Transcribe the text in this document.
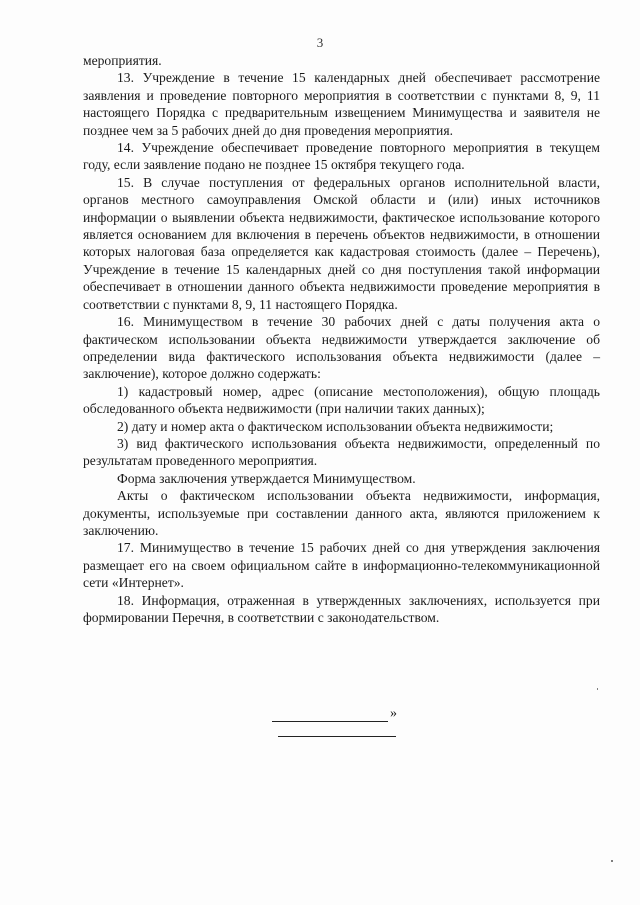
3

мероприятия.

13. Учреждение в течение 15 календарных дней обеспечивает рассмотрение заявления и проведение повторного мероприятия в соответствии с пунктами 8, 9, 11 настоящего Порядка с предварительным извещением Минимущества и заявителя не позднее чем за 5 рабочих дней до дня проведения мероприятия.

14. Учреждение обеспечивает проведение повторного мероприятия в текущем году, если заявление подано не позднее 15 октября текущего года.

15. В случае поступления от федеральных органов исполнительной власти, органов местного самоуправления Омской области и (или) иных источников информации о выявлении объекта недвижимости, фактическое использование которого является основанием для включения в перечень объектов недвижимости, в отношении которых налоговая база определяется как кадастровая стоимость (далее – Перечень), Учреждение в течение 15 календарных дней со дня поступления такой информации обеспечивает в отношении данного объекта недвижимости проведение мероприятия в соответствии с пунктами 8, 9, 11 настоящего Порядка.

16. Минимуществом в течение 30 рабочих дней с даты получения акта о фактическом использовании объекта недвижимости утверждается заключение об определении вида фактического использования объекта недвижимости (далее – заключение), которое должно содержать:

1) кадастровый номер, адрес (описание местоположения), общую площадь обследованного объекта недвижимости (при наличии таких данных);

2) дату и номер акта о фактическом использовании объекта недвижимости;

3) вид фактического использования объекта недвижимости, определенный по результатам проведенного мероприятия.

Форма заключения утверждается Минимуществом.

Акты о фактическом использовании объекта недвижимости, информация, документы, используемые при составлении данного акта, являются приложением к заключению.

17. Минимущество в течение 15 рабочих дней со дня утверждения заключения размещает его на своем официальном сайте в информационно-телекоммуникационной сети «Интернет».

18. Информация, отраженная в утвержденных заключениях, используется при формировании Перечня, в соответствии с законодательством.

»
